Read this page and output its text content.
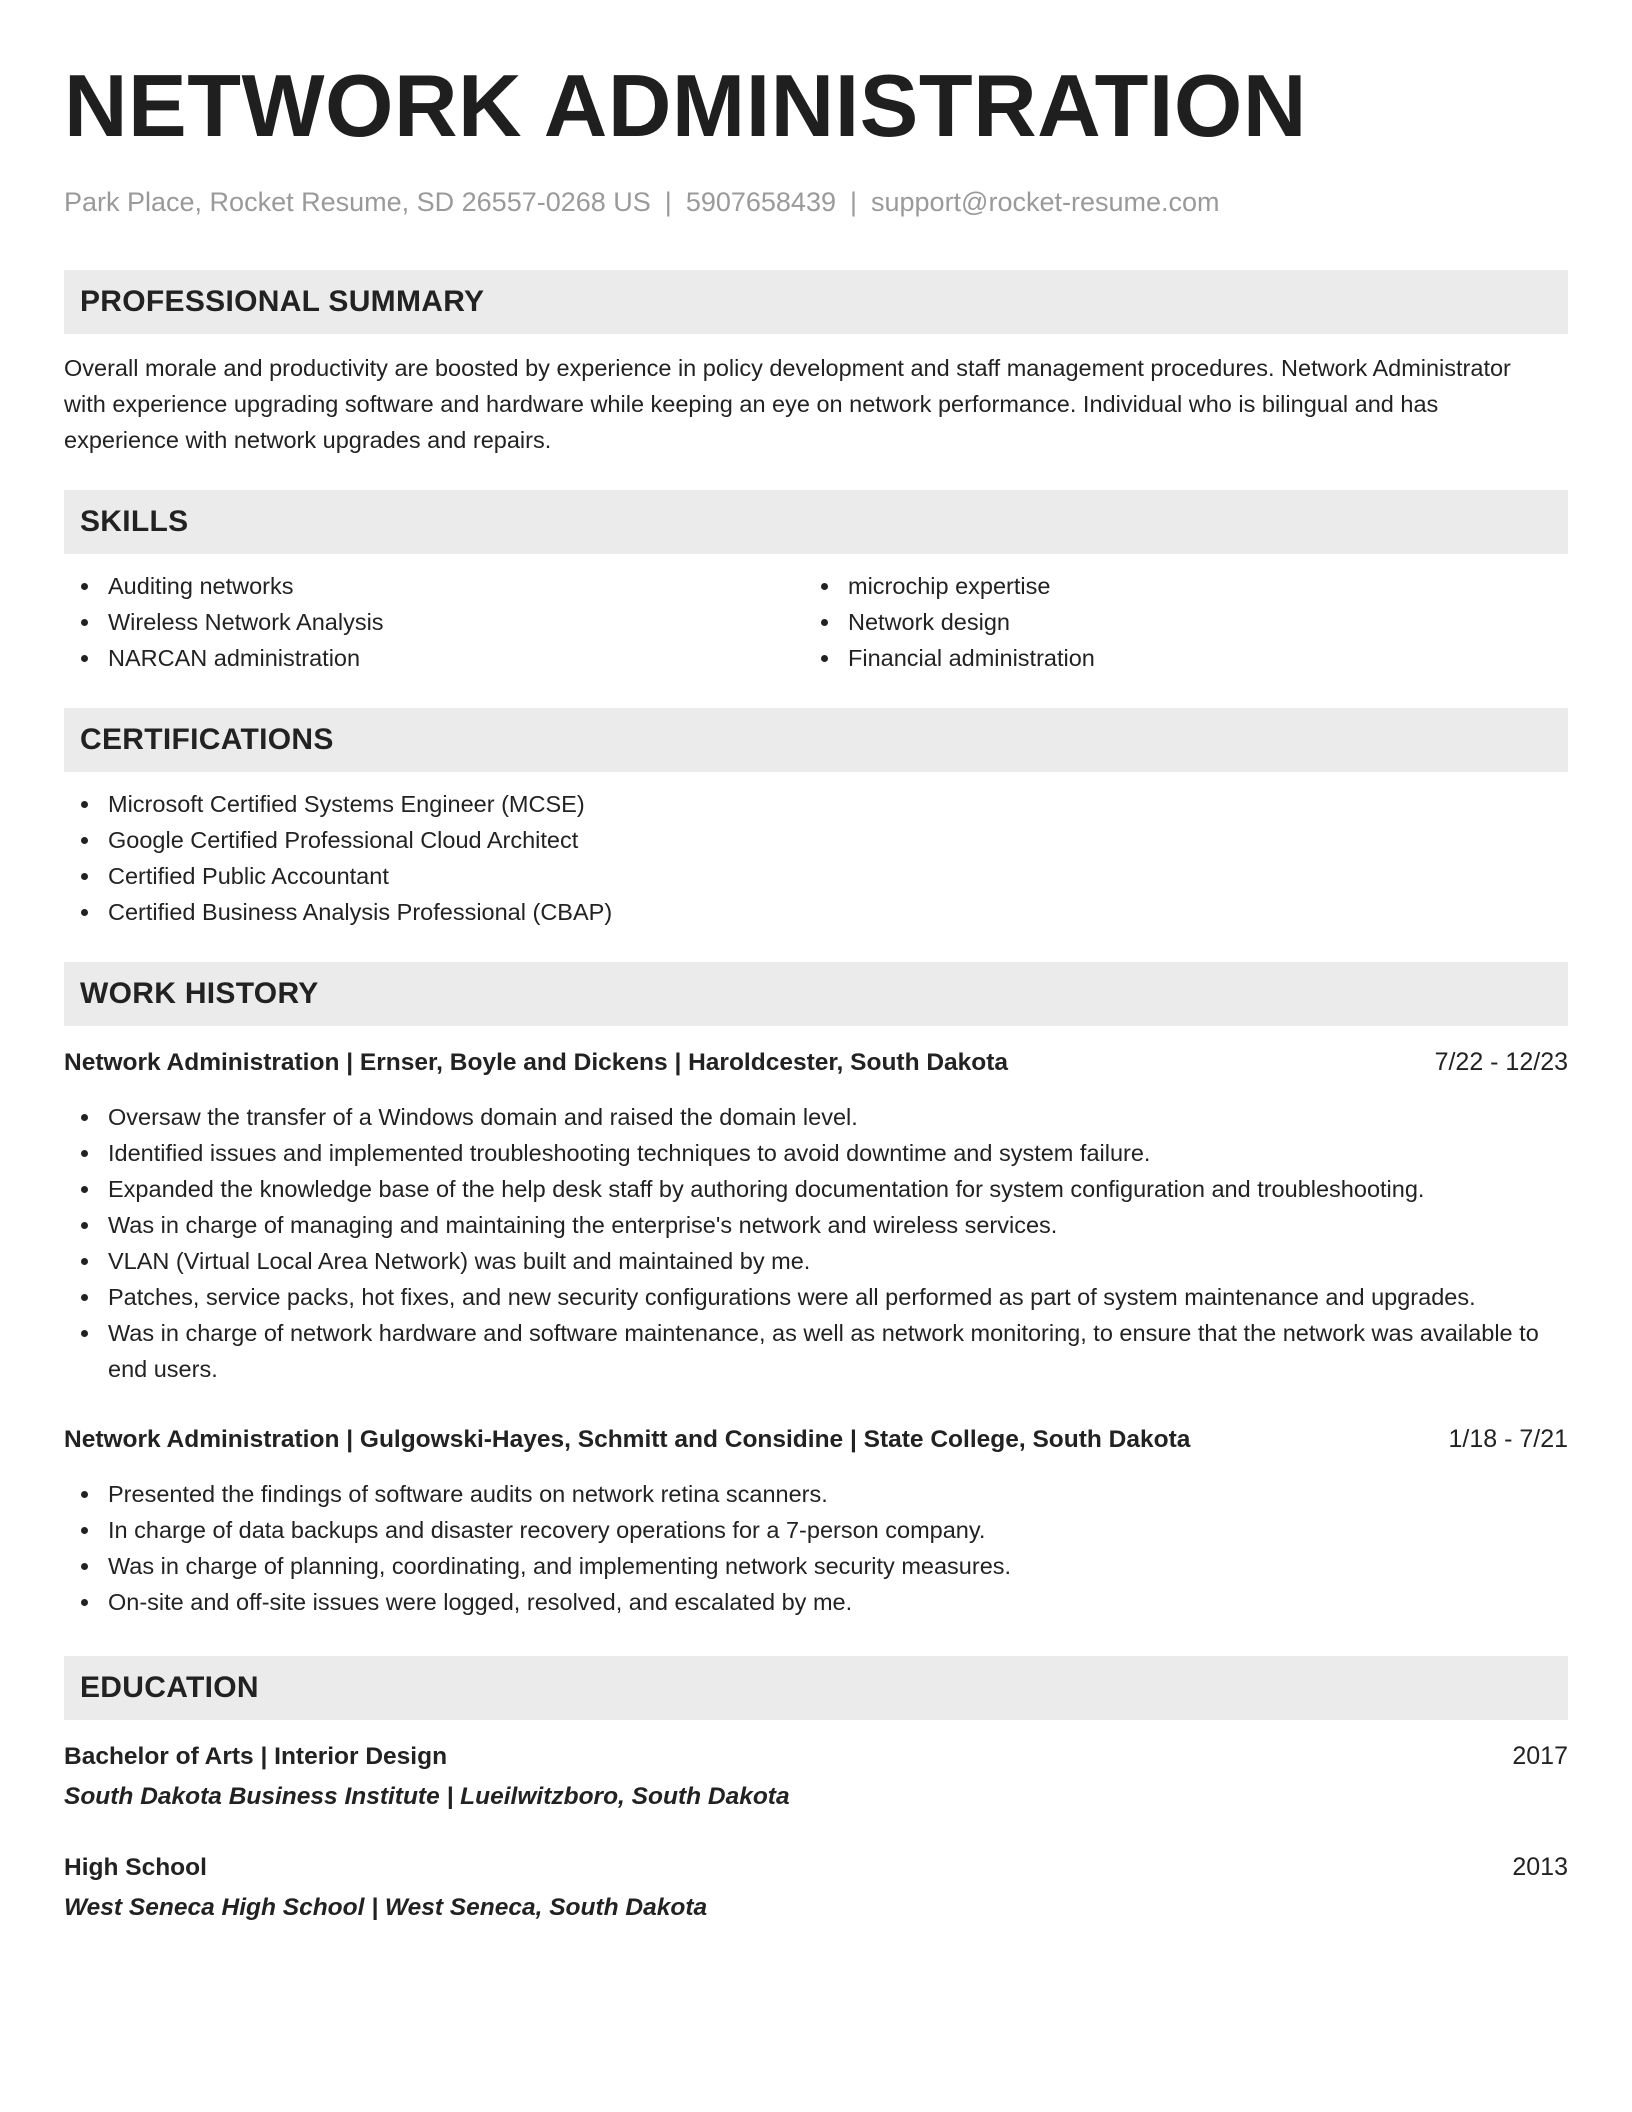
NETWORK ADMINISTRATION
Park Place, Rocket Resume, SD 26557-0268 US | 5907658439 | support@rocket-resume.com
PROFESSIONAL SUMMARY

Overall morale and productivity are boosted by experience in policy development and staff management procedures. Network Administrator with experience upgrading software and hardware while keeping an eye on network performance. Individual who is bilingual and has experience with network upgrades and repairs.

SKILLS
Auditing networks
Wireless Network Analysis
NARCAN administration
microchip expertise
Network design
Financial administration
CERTIFICATIONS
Microsoft Certified Systems Engineer (MCSE)
Google Certified Professional Cloud Architect
Certified Public Accountant
Certified Business Analysis Professional (CBAP)
WORK HISTORY
Network Administration | Ernser, Boyle and Dickens | Haroldcester, South Dakota	7/22 - 12/23
Oversaw the transfer of a Windows domain and raised the domain level.
Identified issues and implemented troubleshooting techniques to avoid downtime and system failure.
Expanded the knowledge base of the help desk staff by authoring documentation for system configuration and troubleshooting.
Was in charge of managing and maintaining the enterprise's network and wireless services.
VLAN (Virtual Local Area Network) was built and maintained by me.
Patches, service packs, hot fixes, and new security configurations were all performed as part of system maintenance and upgrades.
Was in charge of network hardware and software maintenance, as well as network monitoring, to ensure that the network was available to end users.
Network Administration | Gulgowski-Hayes, Schmitt and Considine | State College, South Dakota	1/18 - 7/21
Presented the findings of software audits on network retina scanners.
In charge of data backups and disaster recovery operations for a 7-person company.
Was in charge of planning, coordinating, and implementing network security measures.
On-site and off-site issues were logged, resolved, and escalated by me.
EDUCATION
Bachelor of Arts | Interior Design	2017
South Dakota Business Institute | Lueilwitzboro, South Dakota
High School	2013
West Seneca High School | West Seneca, South Dakota
